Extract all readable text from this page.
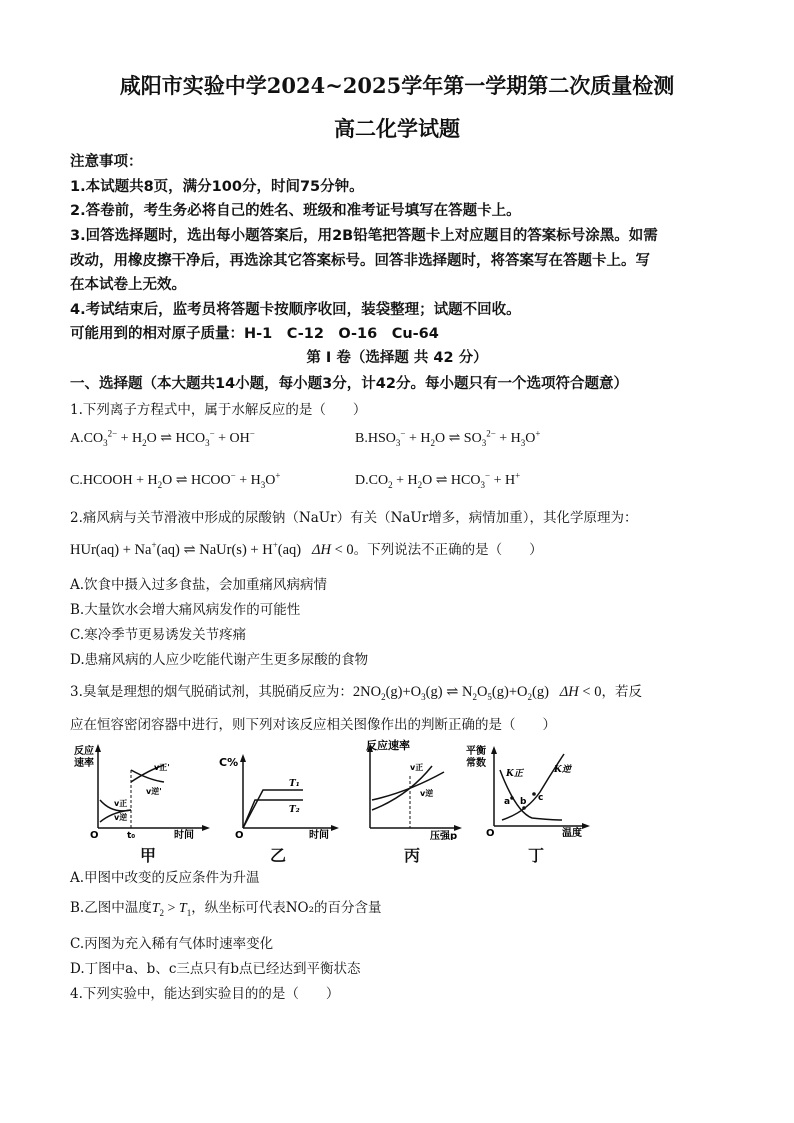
咸阳市实验中学2024~2025学年第一学期第二次质量检测
高二化学试题
注意事项：
1.本试题共8页，满分100分，时间75分钟。
2.答卷前，考生务必将自己的姓名、班级和准考证号填写在答题卡上。
3.回答选择题时，选出每小题答案后，用2B铅笔把答题卡上对应题目的答案标号涂黑。如需
改动，用橡皮擦干净后，再选涂其它答案标号。回答非选择题时，将答案写在答题卡上。写
在本试卷上无效。
4.考试结束后，监考员将答题卡按顺序收回，装袋整理；试题不回收。
可能用到的相对原子质量：H-1　C-12　O-16　Cu-64
第 I 卷（选择题 共 42 分）
一、选择题（本大题共14小题，每小题3分，计42分。每小题只有一个选项符合题意）
1.下列离子方程式中，属于水解反应的是（　　）
$A.CO_3^{2-} + H_2O$ ⇌ $HCO_3^- + OH^-$	$B.HSO_3^- + H_2O$ ⇌ $SO_3^{2-} + H_3O^+$
C.HCOOH + $H_2O$ ⇌ HCOO− + $H_3O^+$	$D.CO_2 + H_2O$ ⇌ $HCO_3^- + H^+$
2.痛风病与关节滑液中形成的尿酸钠（NaUr）有关（NaUr增多，病情加重），其化学原理为：
HUr(aq) + Na+(aq) ⇌ NaUr(s) + H+(aq)   ΔH < 0。下列说法不正确的是（　　）
A.饮食中摄入过多食盐，会加重痛风病病情
B.大量饮水会增大痛风病发作的可能性
C.寒冷季节更易诱发关节疼痛
D.患痛风病的人应少吃能代谢产生更多尿酸的食物
3.臭氧是理想的烟气脱硝试剂，其脱硝反应为：$2NO_2(g)+O_3(g)$ ⇌ $N_2O_5(g)+O_2(g) \Delta H < 0$，若反
应在恒容密闭容器中进行，则下列对该反应相关图像作出的判断正确的是（　　）
反应
速率
v正
v逆
v正'
v逆'
O	t₀	时间
甲
C%
T₁
T₂
O	时间
乙
反应速率
v正
v逆
压强p
丙
平衡
常数
K正	K逆
a b c
O	温度
丁
A.甲图中改变的反应条件为升温
B.乙图中温度$T_2 > T_1$，纵坐标可代表NO₂的百分含量
C.丙图为充入稀有气体时速率变化
D.丁图中a、b、c三点只有b点已经达到平衡状态
4.下列实验中，能达到实验目的的是（　　）
